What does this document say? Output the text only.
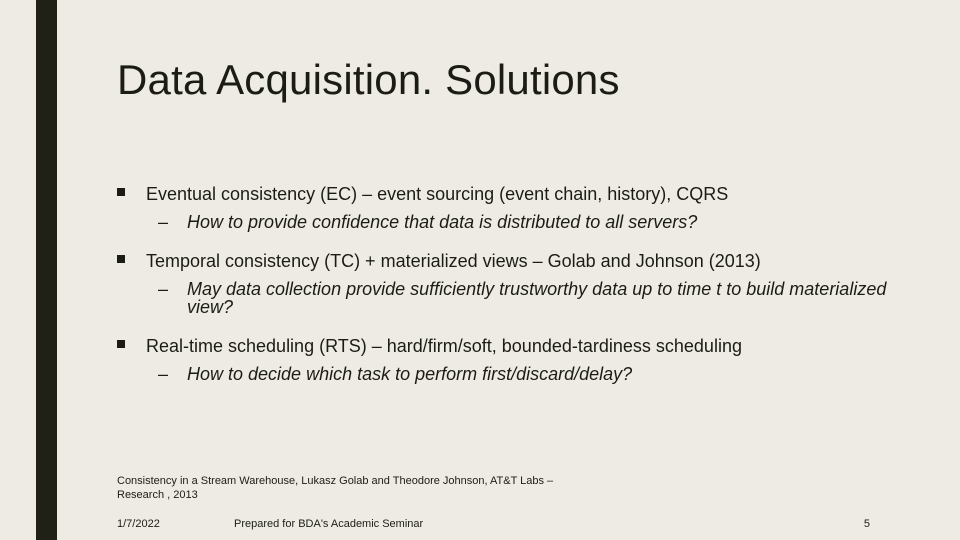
Data Acquisition. Solutions
Eventual consistency (EC) – event sourcing (event chain, history), CQRS
– How to provide confidence that data is distributed to all servers?
Temporal consistency (TC) + materialized views – Golab and Johnson (2013)
– May data collection provide sufficiently trustworthy data up to time t to build materialized view?
Real-time scheduling (RTS) – hard/firm/soft, bounded-tardiness scheduling
– How to decide which task to perform first/discard/delay?
Consistency in a Stream Warehouse, Lukasz Golab and Theodore Johnson, AT&T Labs – Research , 2013
1/7/2022	Prepared for BDA's Academic Seminar	5
